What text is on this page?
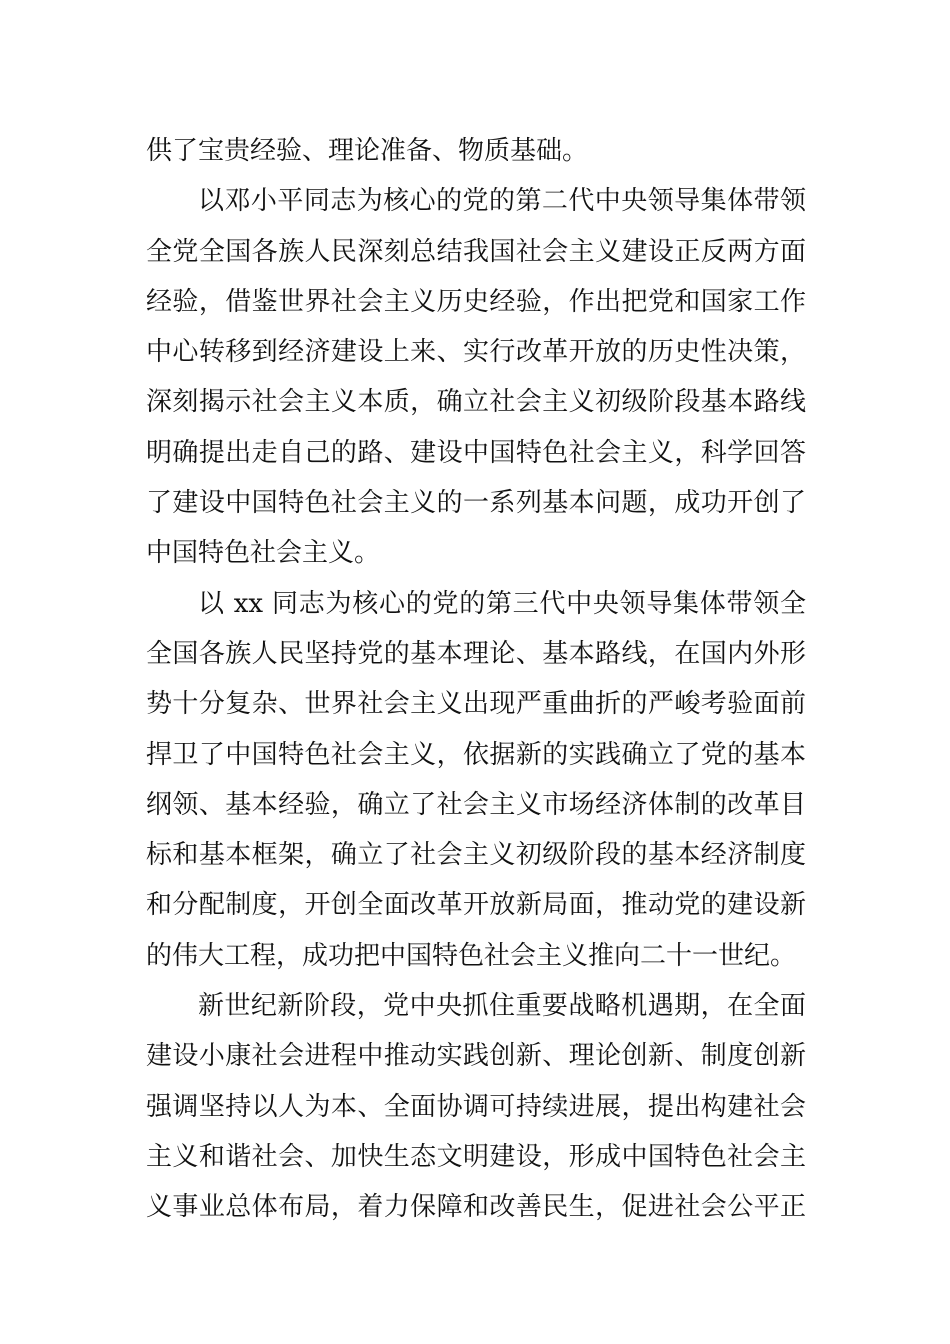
供了宝贵经验、理论准备、物质基础。
以邓小平同志为核心的党的第二代中央领导集体带领
全党全国各族人民深刻总结我国社会主义建设正反两方面
经验，借鉴世界社会主义历史经验，作出把党和国家工作
中心转移到经济建设上来、实行改革开放的历史性决策，
深刻揭示社会主义本质，确立社会主义初级阶段基本路线
明确提出走自己的路、建设中国特色社会主义，科学回答
了建设中国特色社会主义的一系列基本问题，成功开创了
中国特色社会主义。
以 xx 同志为核心的党的第三代中央领导集体带领全
全国各族人民坚持党的基本理论、基本路线，在国内外形
势十分复杂、世界社会主义出现严重曲折的严峻考验面前
捍卫了中国特色社会主义，依据新的实践确立了党的基本
纲领、基本经验，确立了社会主义市场经济体制的改革目
标和基本框架，确立了社会主义初级阶段的基本经济制度
和分配制度，开创全面改革开放新局面，推动党的建设新
的伟大工程，成功把中国特色社会主义推向二十一世纪。
新世纪新阶段，党中央抓住重要战略机遇期，在全面
建设小康社会进程中推动实践创新、理论创新、制度创新
强调坚持以人为本、全面协调可持续进展，提出构建社会
主义和谐社会、加快生态文明建设，形成中国特色社会主
义事业总体布局，着力保障和改善民生，促进社会公平正
